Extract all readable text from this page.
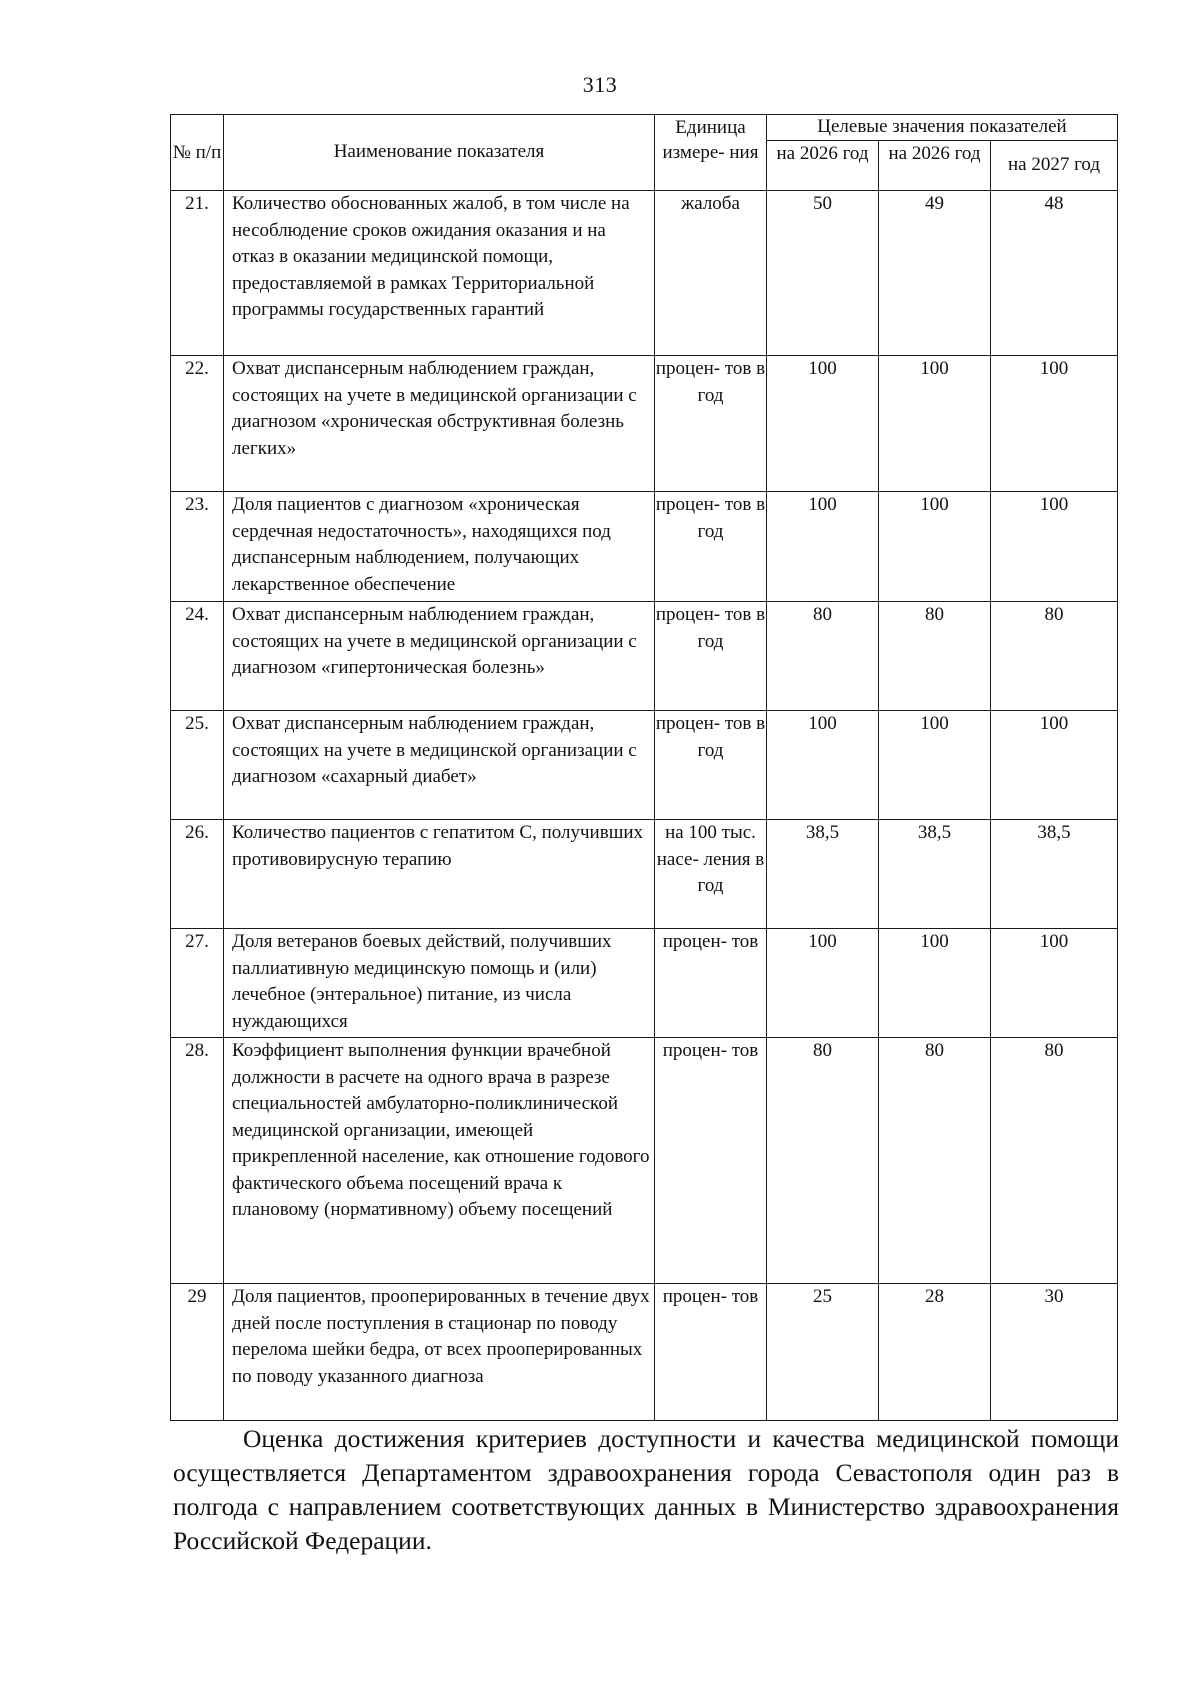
313
№ п/п	Наименование показателя	Единица измере- ния	Целевые значения показателей		
			на 2026 год	на 2026 год	на 2027 год
21.	Количество обоснованных жалоб, в том числе на несоблюдение сроков ожидания оказания и на отказ в оказании медицинской помощи, предоставляемой в рамках Территориальной программы государственных гарантий	жалоба	50	49	48
22.	Охват диспансерным наблюдением граждан, состоящих на учете в медицинской организации с диагнозом «хроническая обструктивная болезнь легких»	процен- тов в год	100	100	100
23.	Доля пациентов с диагнозом «хроническая сердечная недостаточность», находящихся под диспансерным наблюдением, получающих лекарственное обеспечение	процен- тов в год	100	100	100
24.	Охват диспансерным наблюдением граждан, состоящих на учете в медицинской организации с диагнозом «гипертоническая болезнь»	процен- тов в год	80	80	80
25.	Охват диспансерным наблюдением граждан, состоящих на учете в медицинской организации с диагнозом «сахарный диабет»	процен- тов в год	100	100	100
26.	Количество пациентов с гепатитом С, получивших противовирусную терапию	на 100 тыс. насе- ления в год	38,5	38,5	38,5
27.	Доля ветеранов боевых действий, получивших паллиативную медицинскую помощь и (или) лечебное (энтеральное) питание, из числа нуждающихся	процен- тов	100	100	100
28.	Коэффициент выполнения функции врачебной должности в расчете на одного врача в разрезе специальностей амбулаторно-поликлинической медицинской организации, имеющей прикрепленной население, как отношение годового фактического объема посещений врача к плановому (нормативному) объему посещений	процен- тов	80	80	80
29	Доля пациентов, прооперированных в течение двух дней после поступления в стационар по поводу перелома шейки бедра, от всех прооперированных по поводу указанного диагноза	процен- тов	25	28	30
Оценка достижения критериев доступности и качества медицинской помощи осуществляется Департаментом здравоохранения города Севастополя один раз в полгода с направлением соответствующих данных в Министерство здравоохранения Российской Федерации.
